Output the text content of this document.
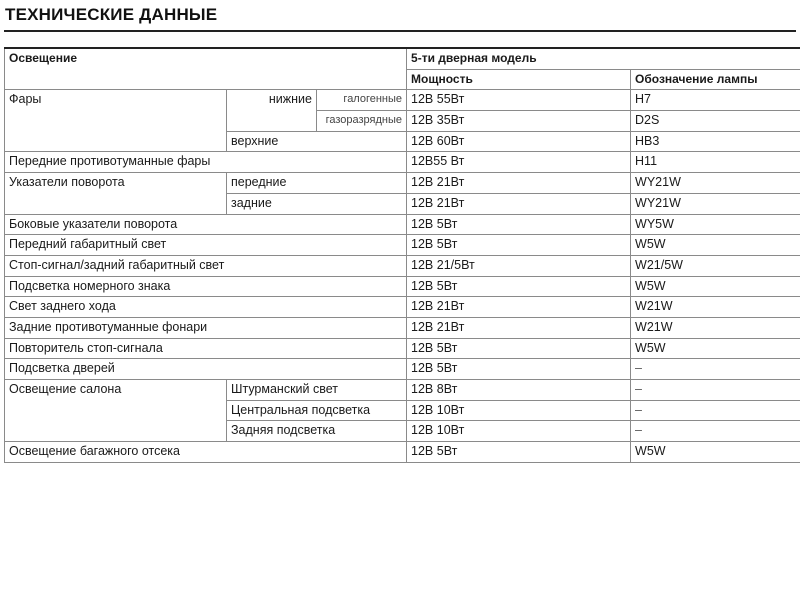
ТЕХНИЧЕСКИЕ ДАННЫЕ
Освещение			5-ти дверная модель	
			Мощность	Обозначение лампы
Фары	нижние	галогенные	12В 55Вт	H7
		газоразрядные	12В 35Вт	D2S
	верхние		12В 60Вт	HB3
Передние противотуманные фары			12В55 Вт	H11
Указатели поворота	передние		12В 21Вт	WY21W
	задние		12В 21Вт	WY21W
Боковые указатели поворота			12В 5Вт	WY5W
Передний габаритный свет			12В 5Вт	W5W
Стоп-сигнал/задний габаритный свет			12В 21/5Вт	W21/5W
Подсветка номерного знака			12В 5Вт	W5W
Свет заднего хода			12В 21Вт	W21W
Задние противотуманные фонари			12В 21Вт	W21W
Повторитель стоп-сигнала			12В 5Вт	W5W
Подсветка дверей			12В 5Вт	–
Освещение салона	Штурманский свет		12В 8Вт	–
	Центральная подсветка		12В 10Вт	–
	Задняя подсветка		12В 10Вт	–
Освещение багажного отсека			12В 5Вт	W5W
